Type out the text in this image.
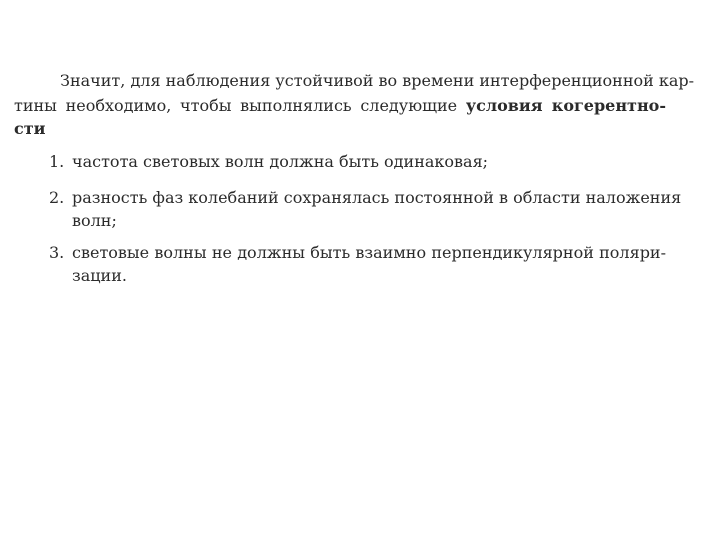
Значит, для наблюдения устойчивой во времени интерференционной кар-
тины необходимо, чтобы выполнялись следующие условия когерентно-
сти
1. частота световых волн должна быть одинаковая;
2. разность фаз колебаний сохранялась постоянной в области наложения
волн;
3. световые волны не должны быть взаимно перпендикулярной поляри-
зации.
